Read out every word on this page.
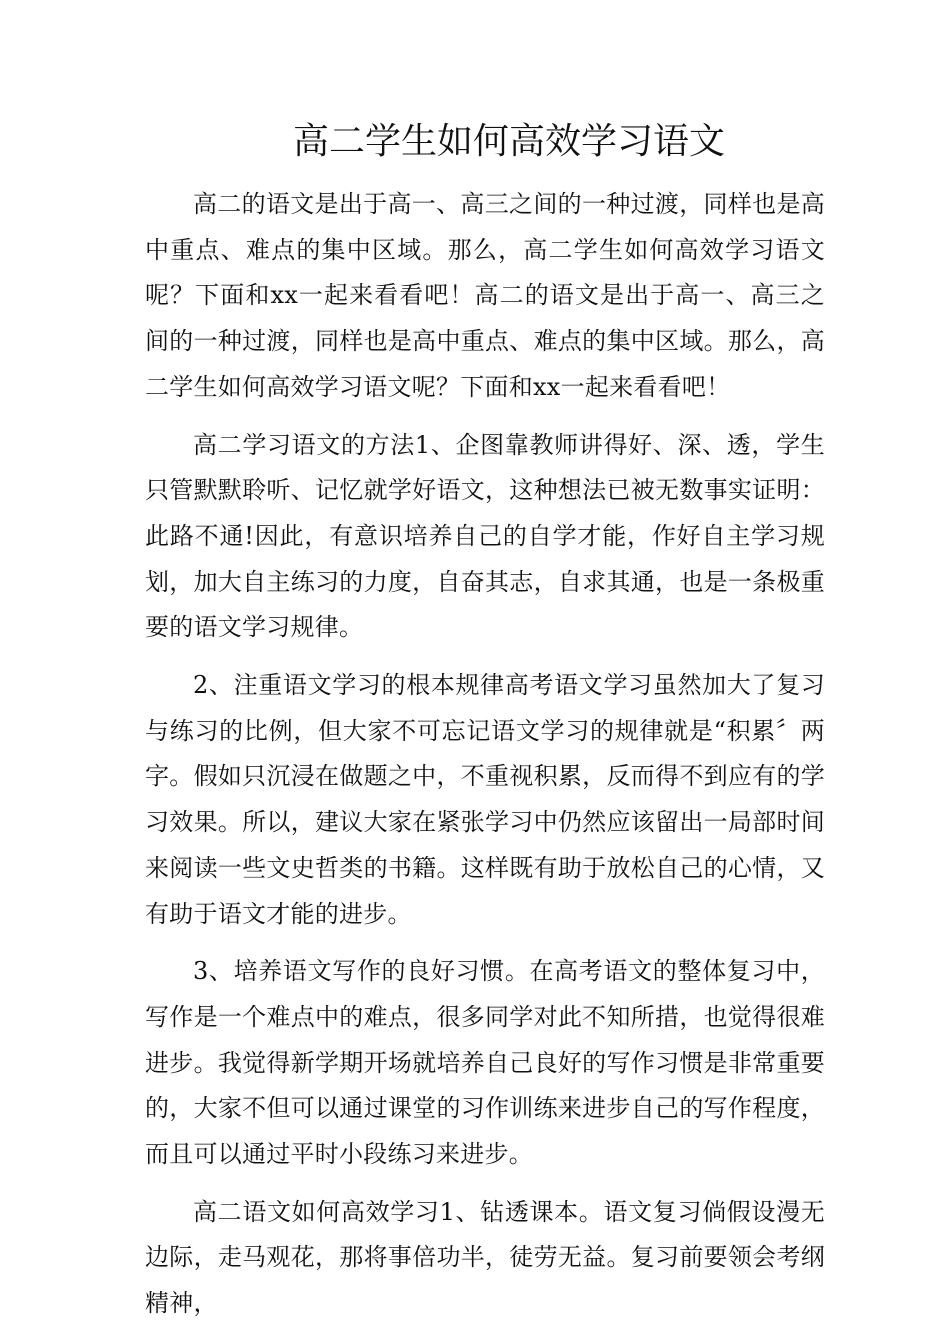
高二学生如何高效学习语文

高二的语文是出于高一、高三之间的一种过渡，同样也是高中重点、难点的集中区域。那么，高二学生如何高效学习语文呢？下面和xx一起来看看吧！高二的语文是出于高一、高三之间的一种过渡，同样也是高中重点、难点的集中区域。那么，高二学生如何高效学习语文呢？下面和xx一起来看看吧！

高二学习语文的方法1、企图靠教师讲得好、深、透，学生只管默默聆听、记忆就学好语文，这种想法已被无数事实证明：此路不通!因此，有意识培养自己的自学才能，作好自主学习规划，加大自主练习的力度，自奋其志，自求其通，也是一条极重要的语文学习规律。

2、注重语文学习的根本规律高考语文学习虽然加大了复习与练习的比例，但大家不可忘记语文学习的规律就是“积累〞两字。假如只沉浸在做题之中，不重视积累，反而得不到应有的学习效果。所以，建议大家在紧张学习中仍然应该留出一局部时间来阅读一些文史哲类的书籍。这样既有助于放松自己的心情，又有助于语文才能的进步。

3、培养语文写作的良好习惯。在高考语文的整体复习中，写作是一个难点中的难点，很多同学对此不知所措，也觉得很难进步。我觉得新学期开场就培养自己良好的写作习惯是非常重要的，大家不但可以通过课堂的习作训练来进步自己的写作程度，而且可以通过平时小段练习来进步。

高二语文如何高效学习1、钻透课本。语文复习倘假设漫无边际，走马观花，那将事倍功半，徒劳无益。复习前要领会考纲精神，
